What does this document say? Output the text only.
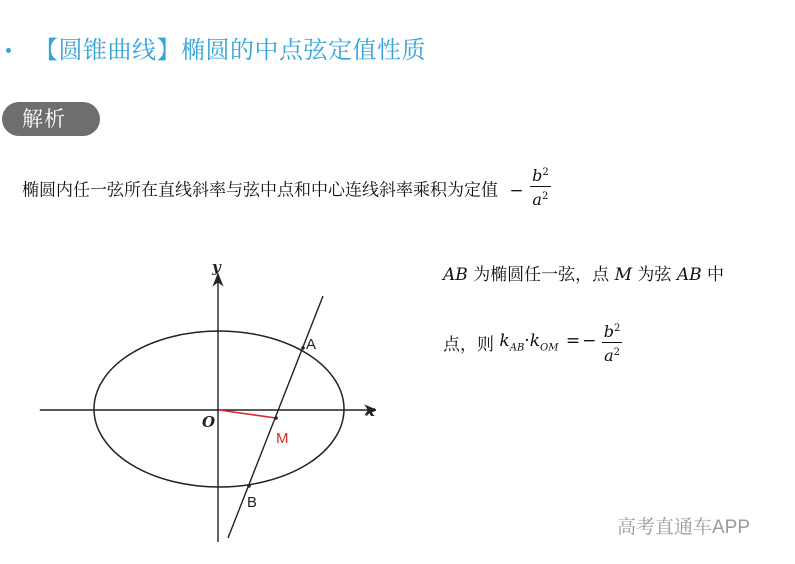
【圆锥曲线】椭圆的中点弦定值性质
解析
椭圆内任一弦所在直线斜率与弦中点和中心连线斜率乘积为定值 − $\frac{b^2}{a^2}$
y
x
O
A
M
B
AB 为椭圆任一弦，点 M 为弦 AB 中
点，则 $k_{AB}\cdot k_{OM}$ = − $\frac{b^2}{a^2}$
高考直通车APP
